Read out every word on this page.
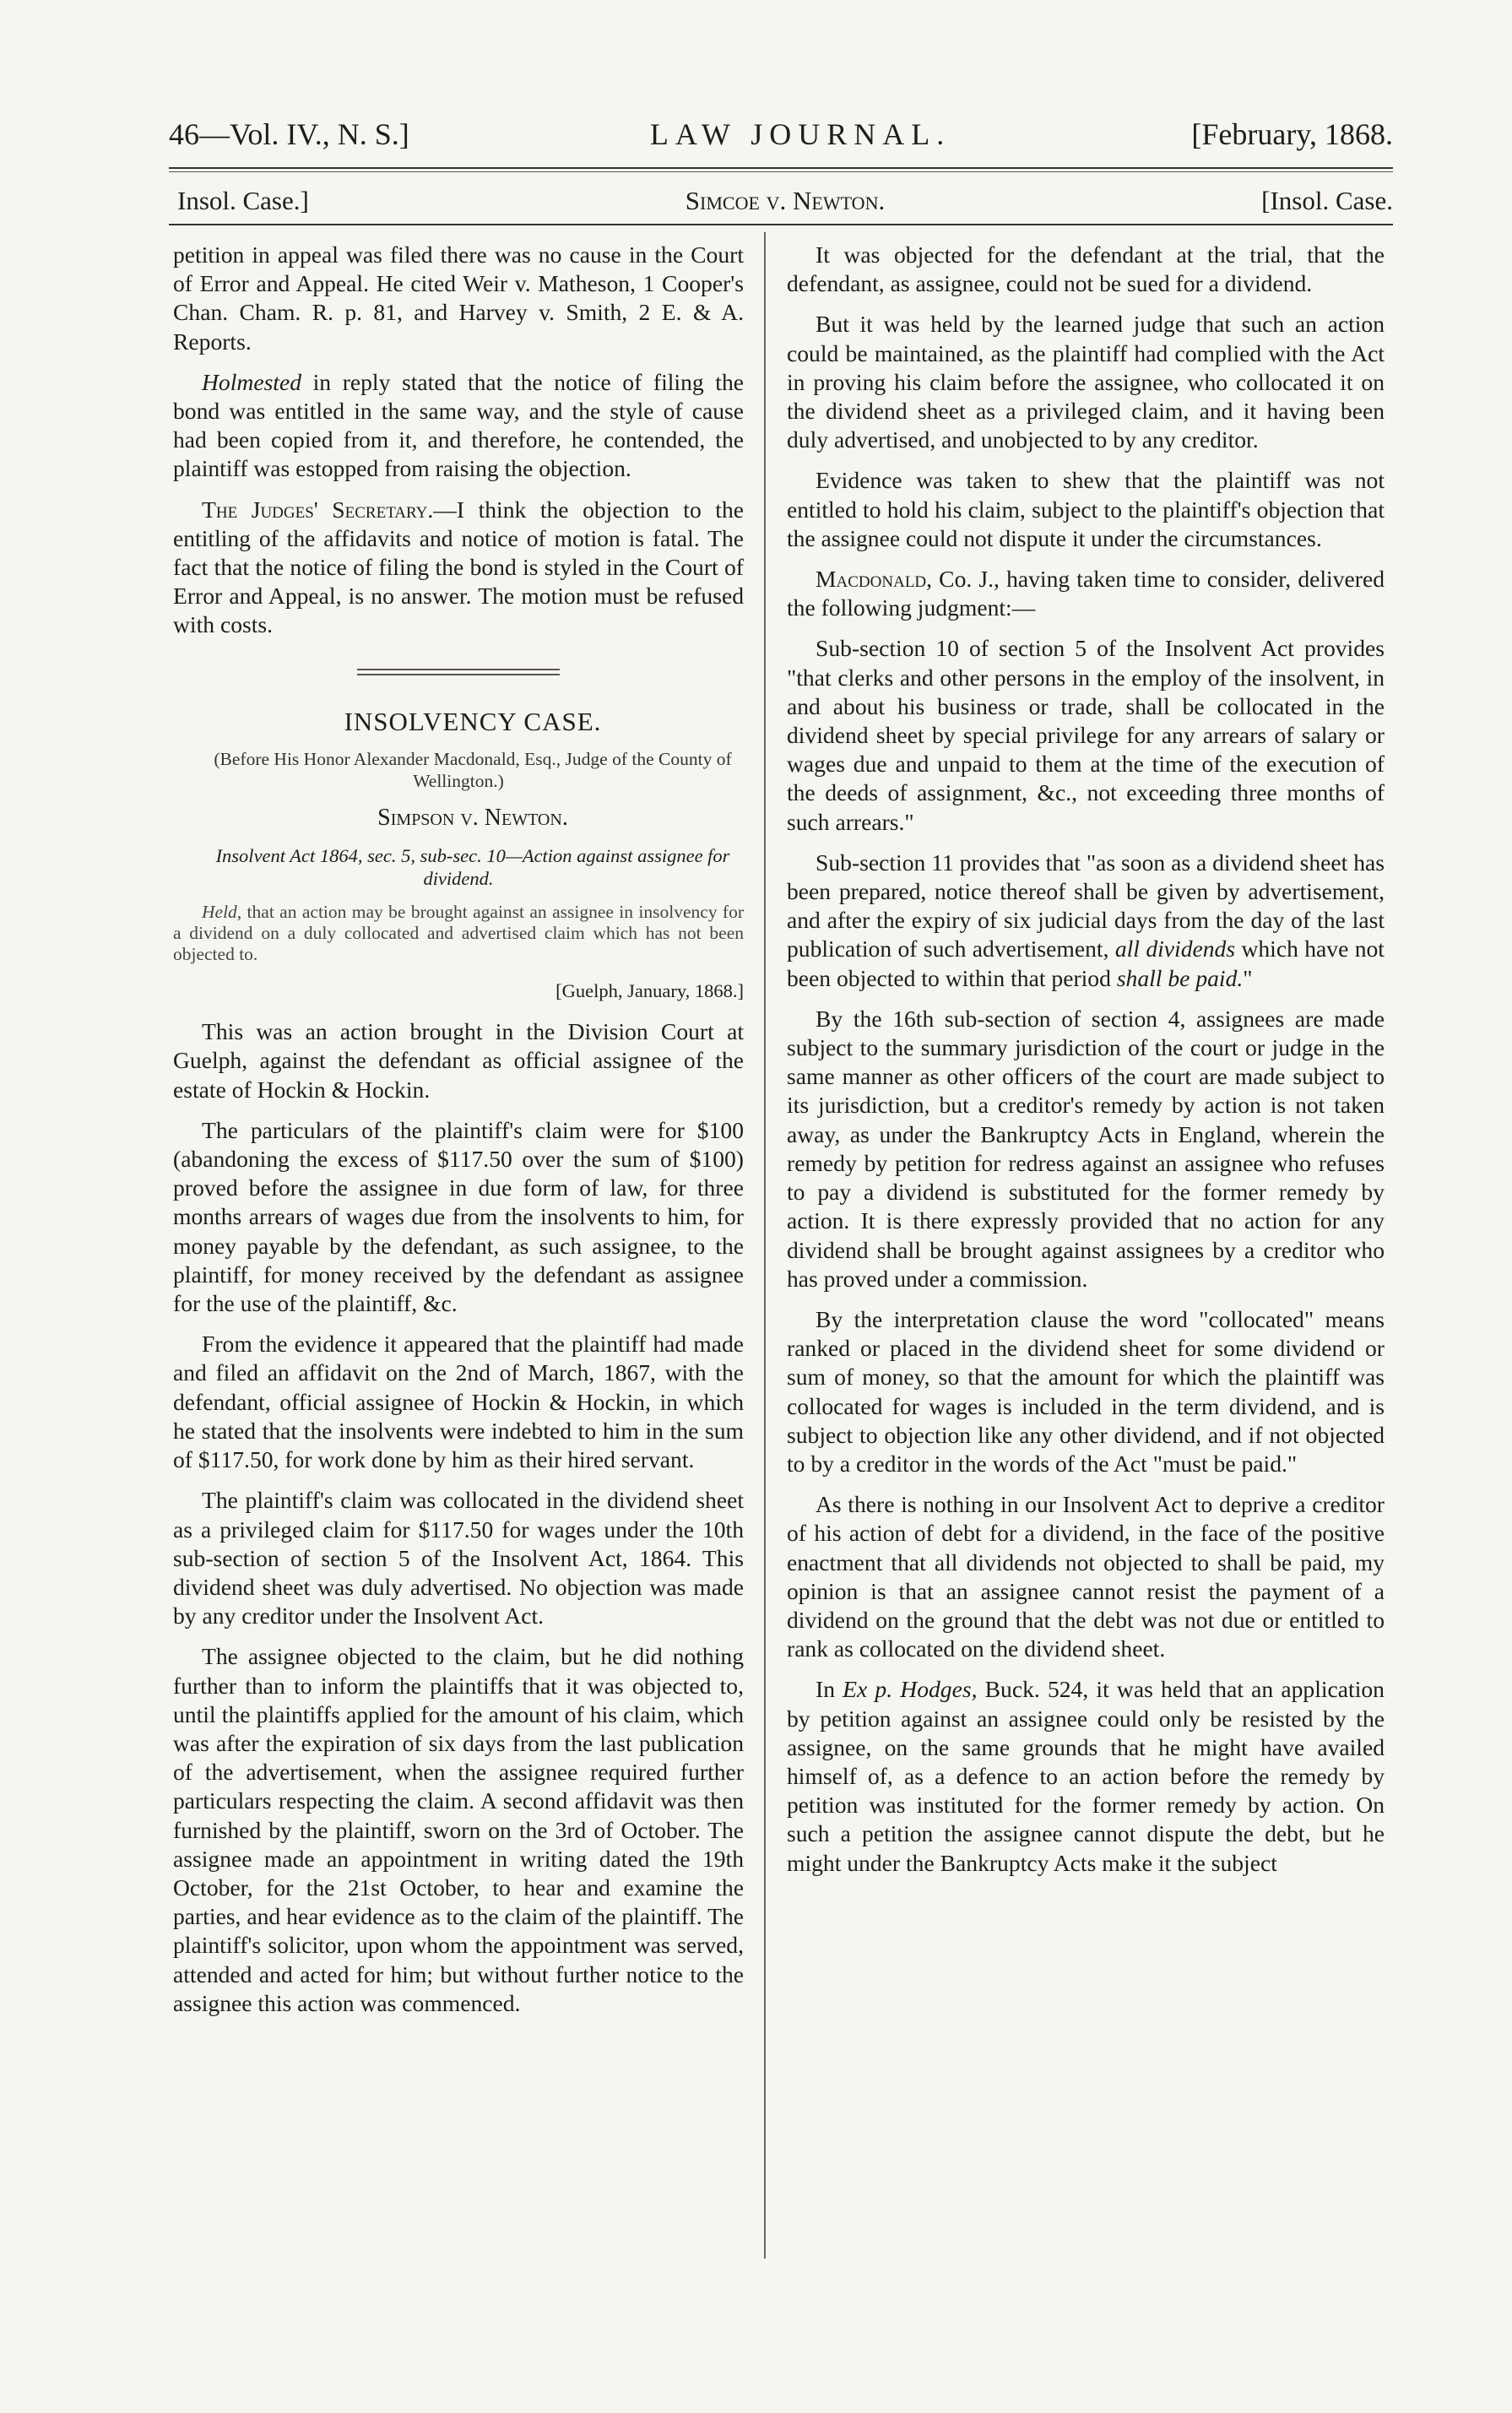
46—Vol. IV., N. S.]	LAW JOURNAL.	[February, 1868.
Insol. Case.]	Simcoe v. Newton.	[Insol. Case.

petition in appeal was filed there was no cause in the Court of Error and Appeal. He cited Weir v. Matheson, 1 Cooper's Chan. Cham. R. p. 81, and Harvey v. Smith, 2 E. & A. Reports.

Holmested in reply stated that the notice of filing the bond was entitled in the same way, and the style of cause had been copied from it, and therefore, he contended, the plaintiff was estopped from raising the objection.

The Judges' Secretary.—I think the objection to the entitling of the affidavits and notice of motion is fatal. The fact that the notice of filing the bond is styled in the Court of Error and Appeal, is no answer. The motion must be refused with costs.

INSOLVENCY CASE.

(Before His Honor Alexander Macdonald, Esq., Judge of the County of Wellington.)

Simpson v. Newton.

Insolvent Act 1864, sec. 5, sub-sec. 10—Action against assignee for dividend.

Held, that an action may be brought against an assignee in insolvency for a dividend on a duly collocated and advertised claim which has not been objected to.

[Guelph, January, 1868.]

This was an action brought in the Division Court at Guelph, against the defendant as official assignee of the estate of Hockin & Hockin.

The particulars of the plaintiff's claim were for $100 (abandoning the excess of $117.50 over the sum of $100) proved before the assignee in due form of law, for three months arrears of wages due from the insolvents to him, for money payable by the defendant, as such assignee, to the plaintiff, for money received by the defendant as assignee for the use of the plaintiff, &c.

From the evidence it appeared that the plaintiff had made and filed an affidavit on the 2nd of March, 1867, with the defendant, official assignee of Hockin & Hockin, in which he stated that the insolvents were indebted to him in the sum of $117.50, for work done by him as their hired servant.

The plaintiff's claim was collocated in the dividend sheet as a privileged claim for $117.50 for wages under the 10th sub-section of section 5 of the Insolvent Act, 1864. This dividend sheet was duly advertised. No objection was made by any creditor under the Insolvent Act.

The assignee objected to the claim, but he did nothing further than to inform the plaintiffs that it was objected to, until the plaintiffs applied for the amount of his claim, which was after the expiration of six days from the last publication of the advertisement, when the assignee required further particulars respecting the claim. A second affidavit was then furnished by the plaintiff, sworn on the 3rd of October. The assignee made an appointment in writing dated the 19th October, for the 21st October, to hear and examine the parties, and hear evidence as to the claim of the plaintiff. The plaintiff's solicitor, upon whom the appointment was served, attended and acted for him; but without further notice to the assignee this action was commenced.

It was objected for the defendant at the trial, that the defendant, as assignee, could not be sued for a dividend.

But it was held by the learned judge that such an action could be maintained, as the plaintiff had complied with the Act in proving his claim before the assignee, who collocated it on the dividend sheet as a privileged claim, and it having been duly advertised, and unobjected to by any creditor.

Evidence was taken to shew that the plaintiff was not entitled to hold his claim, subject to the plaintiff's objection that the assignee could not dispute it under the circumstances.

Macdonald, Co. J., having taken time to consider, delivered the following judgment:—

Sub-section 10 of section 5 of the Insolvent Act provides "that clerks and other persons in the employ of the insolvent, in and about his business or trade, shall be collocated in the dividend sheet by special privilege for any arrears of salary or wages due and unpaid to them at the time of the execution of the deeds of assignment, &c., not exceeding three months of such arrears."

Sub-section 11 provides that "as soon as a dividend sheet has been prepared, notice thereof shall be given by advertisement, and after the expiry of six judicial days from the day of the last publication of such advertisement, all dividends which have not been objected to within that period shall be paid."

By the 16th sub-section of section 4, assignees are made subject to the summary jurisdiction of the court or judge in the same manner as other officers of the court are made subject to its jurisdiction, but a creditor's remedy by action is not taken away, as under the Bankruptcy Acts in England, wherein the remedy by petition for redress against an assignee who refuses to pay a dividend is substituted for the former remedy by action. It is there expressly provided that no action for any dividend shall be brought against assignees by a creditor who has proved under a commission.

By the interpretation clause the word "collocated" means ranked or placed in the dividend sheet for some dividend or sum of money, so that the amount for which the plaintiff was collocated for wages is included in the term dividend, and is subject to objection like any other dividend, and if not objected to by a creditor in the words of the Act "must be paid."

As there is nothing in our Insolvent Act to deprive a creditor of his action of debt for a dividend, in the face of the positive enactment that all dividends not objected to shall be paid, my opinion is that an assignee cannot resist the payment of a dividend on the ground that the debt was not due or entitled to rank as collocated on the dividend sheet.

In Ex p. Hodges, Buck. 524, it was held that an application by petition against an assignee could only be resisted by the assignee, on the same grounds that he might have availed himself of, as a defence to an action before the remedy by petition was instituted for the former remedy by action. On such a petition the assignee cannot dispute the debt, but he might under the Bankruptcy Acts make it the subject
